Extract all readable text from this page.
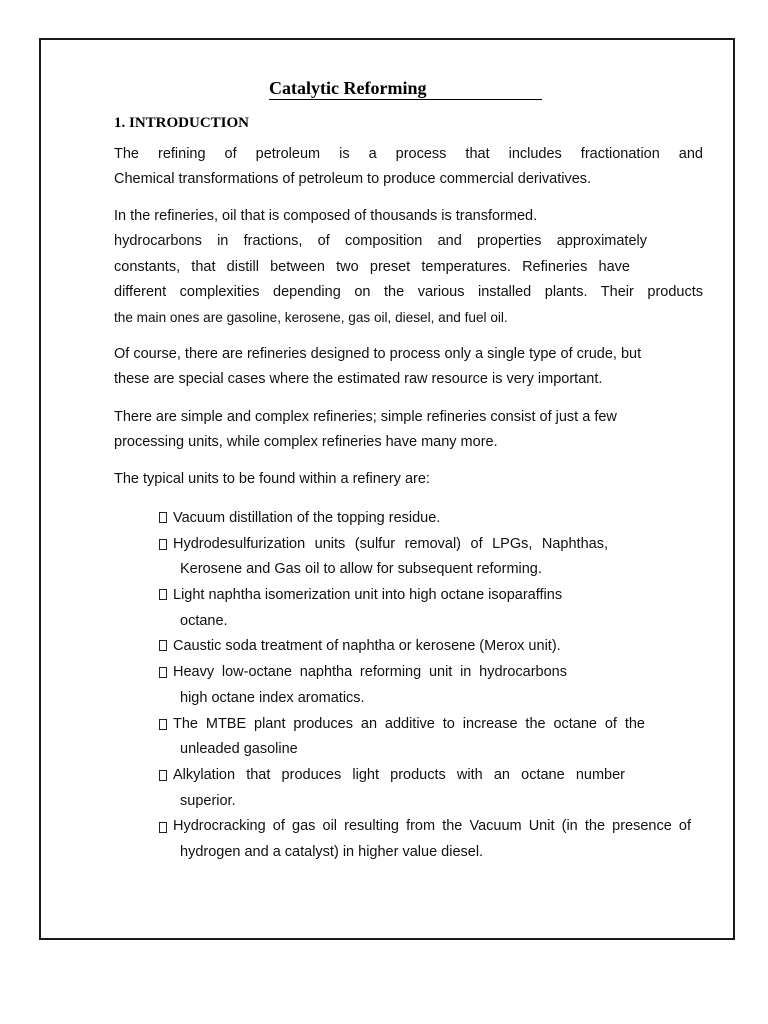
Catalytic Reforming
1. INTRODUCTION
The refining of petroleum is a process that includes fractionation and
Chemical transformations of petroleum to produce commercial derivatives.
In the refineries, oil that is composed of thousands is transformed.
hydrocarbons in fractions, of composition and properties approximately
constants, that distill between two preset temperatures. Refineries have
different complexities depending on the various installed plants. Their products
the main ones are gasoline, kerosene, gas oil, diesel, and fuel oil.
Of course, there are refineries designed to process only a single type of crude, but
these are special cases where the estimated raw resource is very important.
There are simple and complex refineries; simple refineries consist of just a few
processing units, while complex refineries have many more.
The typical units to be found within a refinery are:
Vacuum distillation of the topping residue.
Hydrodesulfurization units (sulfur removal) of LPGs, Naphthas,
Kerosene and Gas oil to allow for subsequent reforming.
Light naphtha isomerization unit into high octane isoparaffins
octane.
Caustic soda treatment of naphtha or kerosene (Merox unit).
Heavy low-octane naphtha reforming unit in hydrocarbons
high octane index aromatics.
The MTBE plant produces an additive to increase the octane of the
unleaded gasoline
Alkylation that produces light products with an octane number
superior.
Hydrocracking of gas oil resulting from the Vacuum Unit (in the presence of
hydrogen and a catalyst) in higher value diesel.
